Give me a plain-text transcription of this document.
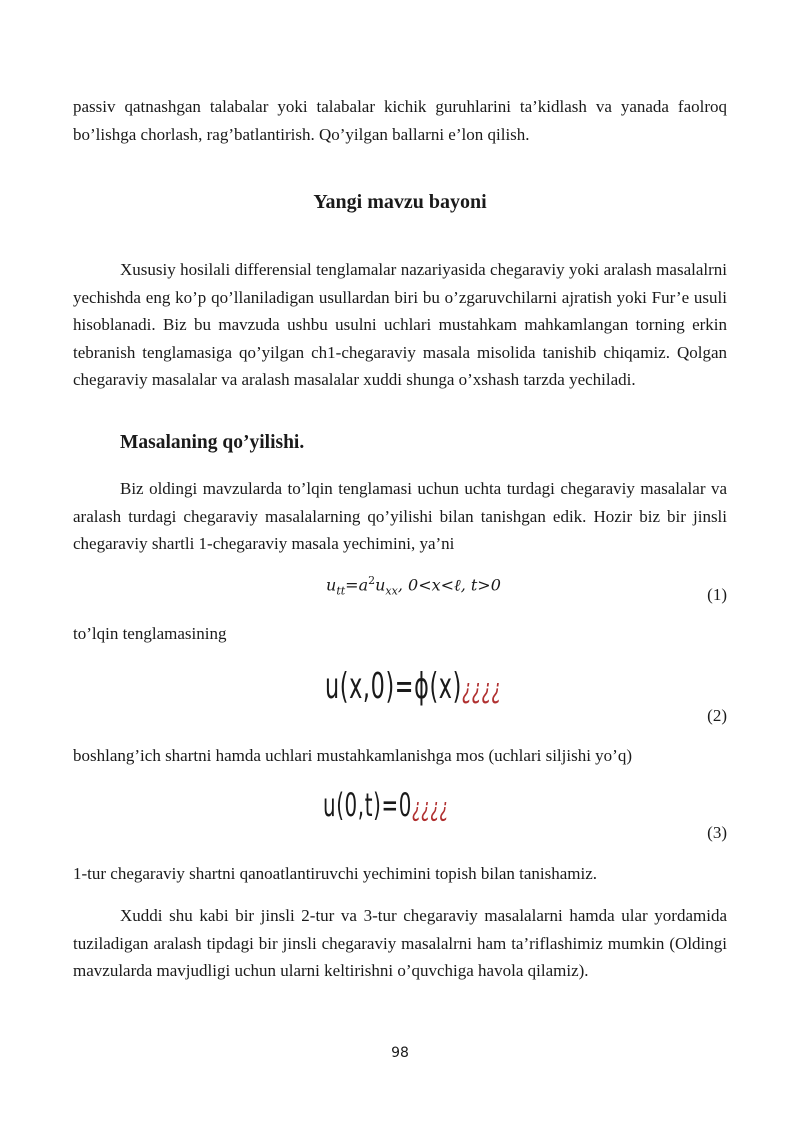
passiv qatnashgan talabalar yoki talabalar kichik guruhlarini ta’kidlash va yanada faolroq bo’lishga chorlash, rag’batlantirish. Qo’yilgan ballarni e’lon qilish.

Yangi mavzu bayoni

Xususiy hosilali differensial tenglamalar nazariyasida chegaraviy yoki aralash masalalrni yechishda eng ko’p qo’llaniladigan usullardan biri bu o’zgaruvchilarni ajratish yoki Fur’e usuli hisoblanadi. Biz bu mavzuda ushbu usulni uchlari mustahkam mahkamlangan torning erkin tebranish tenglamasiga qo’yilgan ch1-chegaraviy masala misolida tanishib chiqamiz. Qolgan chegaraviy masalalar va aralash masalalar xuddi shunga o’xshash tarzda yechiladi.

Masalaning qo’yilishi.

Biz oldingi mavzularda to’lqin tenglamasi uchun uchta turdagi chegaraviy masalalar va aralash turdagi chegaraviy masalalarning qo’yilishi bilan tanishgan edik. Hozir biz bir jinsli chegaraviy shartli 1-chegaraviy masala yechimini, ya’ni

$u_{tt}=a^2u_{xx}$, 0<x<ℓ, t>0
(1)
to’lqin tenglamasining
u(x,0)=ϕ(x)¿¿¿¿
(2)
boshlang’ich shartni hamda uchlari mustahkamlanishga mos (uchlari siljishi yo’q)
u(0,t)=0¿¿¿¿
(3)
1-tur chegaraviy shartni qanoatlantiruvchi yechimini topish bilan tanishamiz.

Xuddi shu kabi bir jinsli 2-tur va 3-tur chegaraviy masalalarni hamda ular yordamida tuziladigan aralash tipdagi bir jinsli chegaraviy masalalrni ham ta’riflashimiz mumkin (Oldingi mavzularda mavjudligi uchun ularni keltirishni o’quvchiga havola qilamiz).

98
